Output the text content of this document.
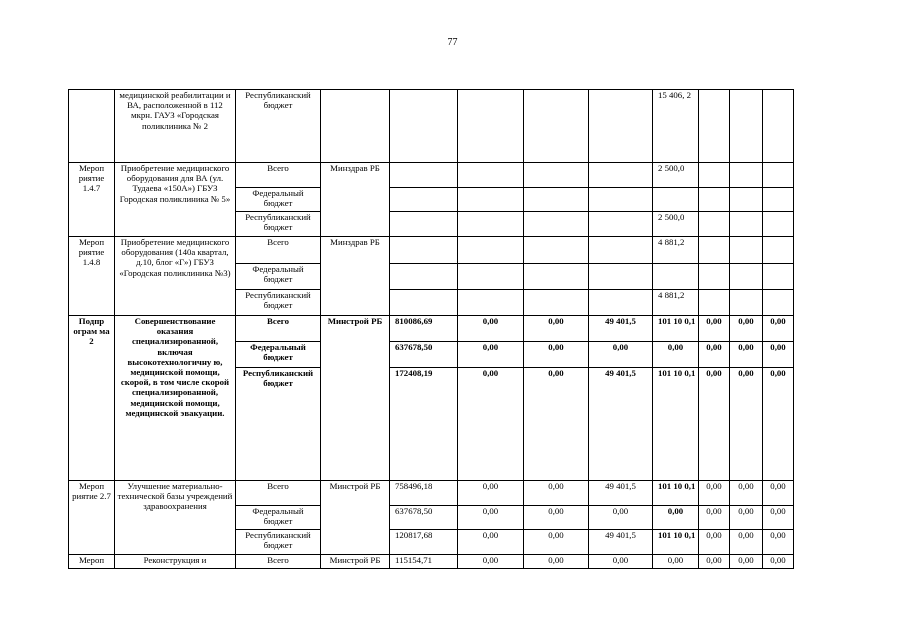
77
	медицинской реабилитации и ВА, расположенной в 112 мкрн. ГАУЗ «Городская поликлиника № 2	Республиканский бюджет						15 406, 2			
Мероп риятие 1.4.7	Приобретение медицинского оборудования для ВА (ул. Тудаева «150А») ГБУЗ Городская поликлиника № 5»	Всего	Минздрав РБ					2 500,0			
		Федеральный бюджет									
		Республиканский бюджет						2 500,0			
Мероп риятие 1.4.8	Приобретение медицинского оборудования (140а квартал, д.10, блог «Г») ГБУЗ «Городская поликлиника №3)	Всего	Минздрав РБ					4 881,2			
		Федеральный бюджет									
		Республиканский бюджет						4 881,2			
Подпр ограм ма 2	Совершенствование оказания специализированной, включая высокотехнологичну ю, медицинской помощи, скорой, в том числе скорой специализированной, медицинской помощи, медицинской эвакуации.	Всего	Минстрой РБ	810086,69	0,00	0,00	49 401,5	101 10 0,1	0,00	0,00	0,00
		Федеральный бюджет		637678,50	0,00	0,00	0,00	0,00	0,00	0,00	0,00
		Республиканский бюджет		172408,19	0,00	0,00	49 401,5	101 10 0,1	0,00	0,00	0,00
Мероп риятие 2.7	Улучшение материально-технической базы учреждений здравоохранения	Всего	Минстрой РБ	758496,18	0,00	0,00	49 401,5	101 10 0,1	0,00	0,00	0,00
		Федеральный бюджет		637678,50	0,00	0,00	0,00	0,00	0,00	0,00	0,00
		Республиканский бюджет		120817,68	0,00	0,00	49 401,5	101 10 0,1	0,00	0,00	0,00
Мероп	Реконструкция и	Всего	Минстрой РБ	115154,71	0,00	0,00	0,00	0,00	0,00	0,00	0,00
